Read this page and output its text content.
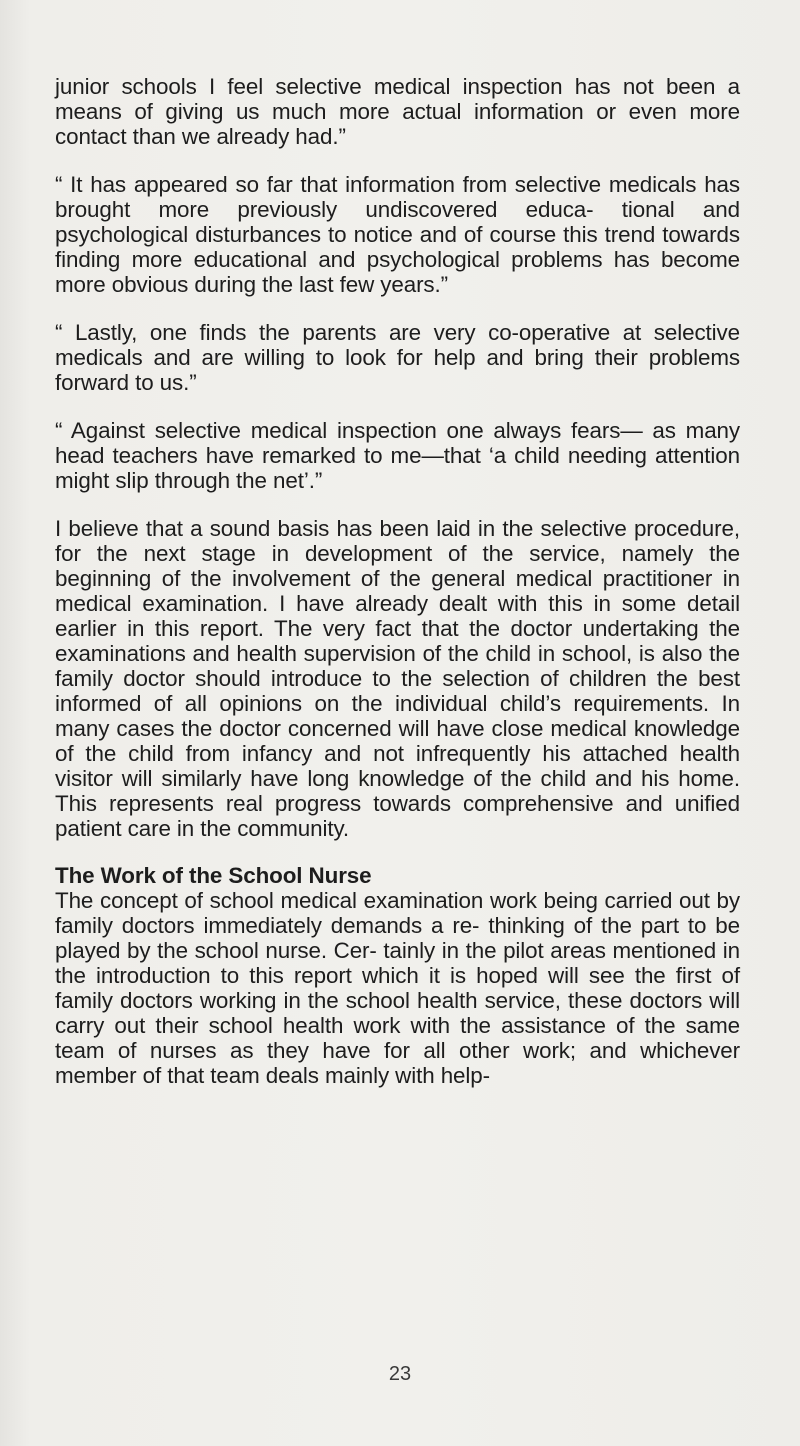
junior schools I feel selective medical inspection has not been a means of giving us much more actual information or even more contact than we already had.”

“ It has appeared so far that information from selective medicals has brought more previously undiscovered educa- tional and psychological disturbances to notice and of course this trend towards finding more educational and psychological problems has become more obvious during the last few years.”

“ Lastly, one finds the parents are very co-operative at selective medicals and are willing to look for help and bring their problems forward to us.”

“ Against selective medical inspection one always fears— as many head teachers have remarked to me—that ‘a child needing attention might slip through the net’.”

I believe that a sound basis has been laid in the selective procedure, for the next stage in development of the service, namely the beginning of the involvement of the general medical practitioner in medical examination. I have already dealt with this in some detail earlier in this report. The very fact that the doctor undertaking the examinations and health supervision of the child in school, is also the family doctor should introduce to the selection of children the best informed of all opinions on the individual child’s requirements. In many cases the doctor concerned will have close medical knowledge of the child from infancy and not infrequently his attached health visitor will similarly have long knowledge of the child and his home. This represents real progress towards comprehensive and unified patient care in the community.

The Work of the School Nurse

The concept of school medical examination work being carried out by family doctors immediately demands a re- thinking of the part to be played by the school nurse. Cer- tainly in the pilot areas mentioned in the introduction to this report which it is hoped will see the first of family doctors working in the school health service, these doctors will carry out their school health work with the assistance of the same team of nurses as they have for all other work; and whichever member of that team deals mainly with help-

23
